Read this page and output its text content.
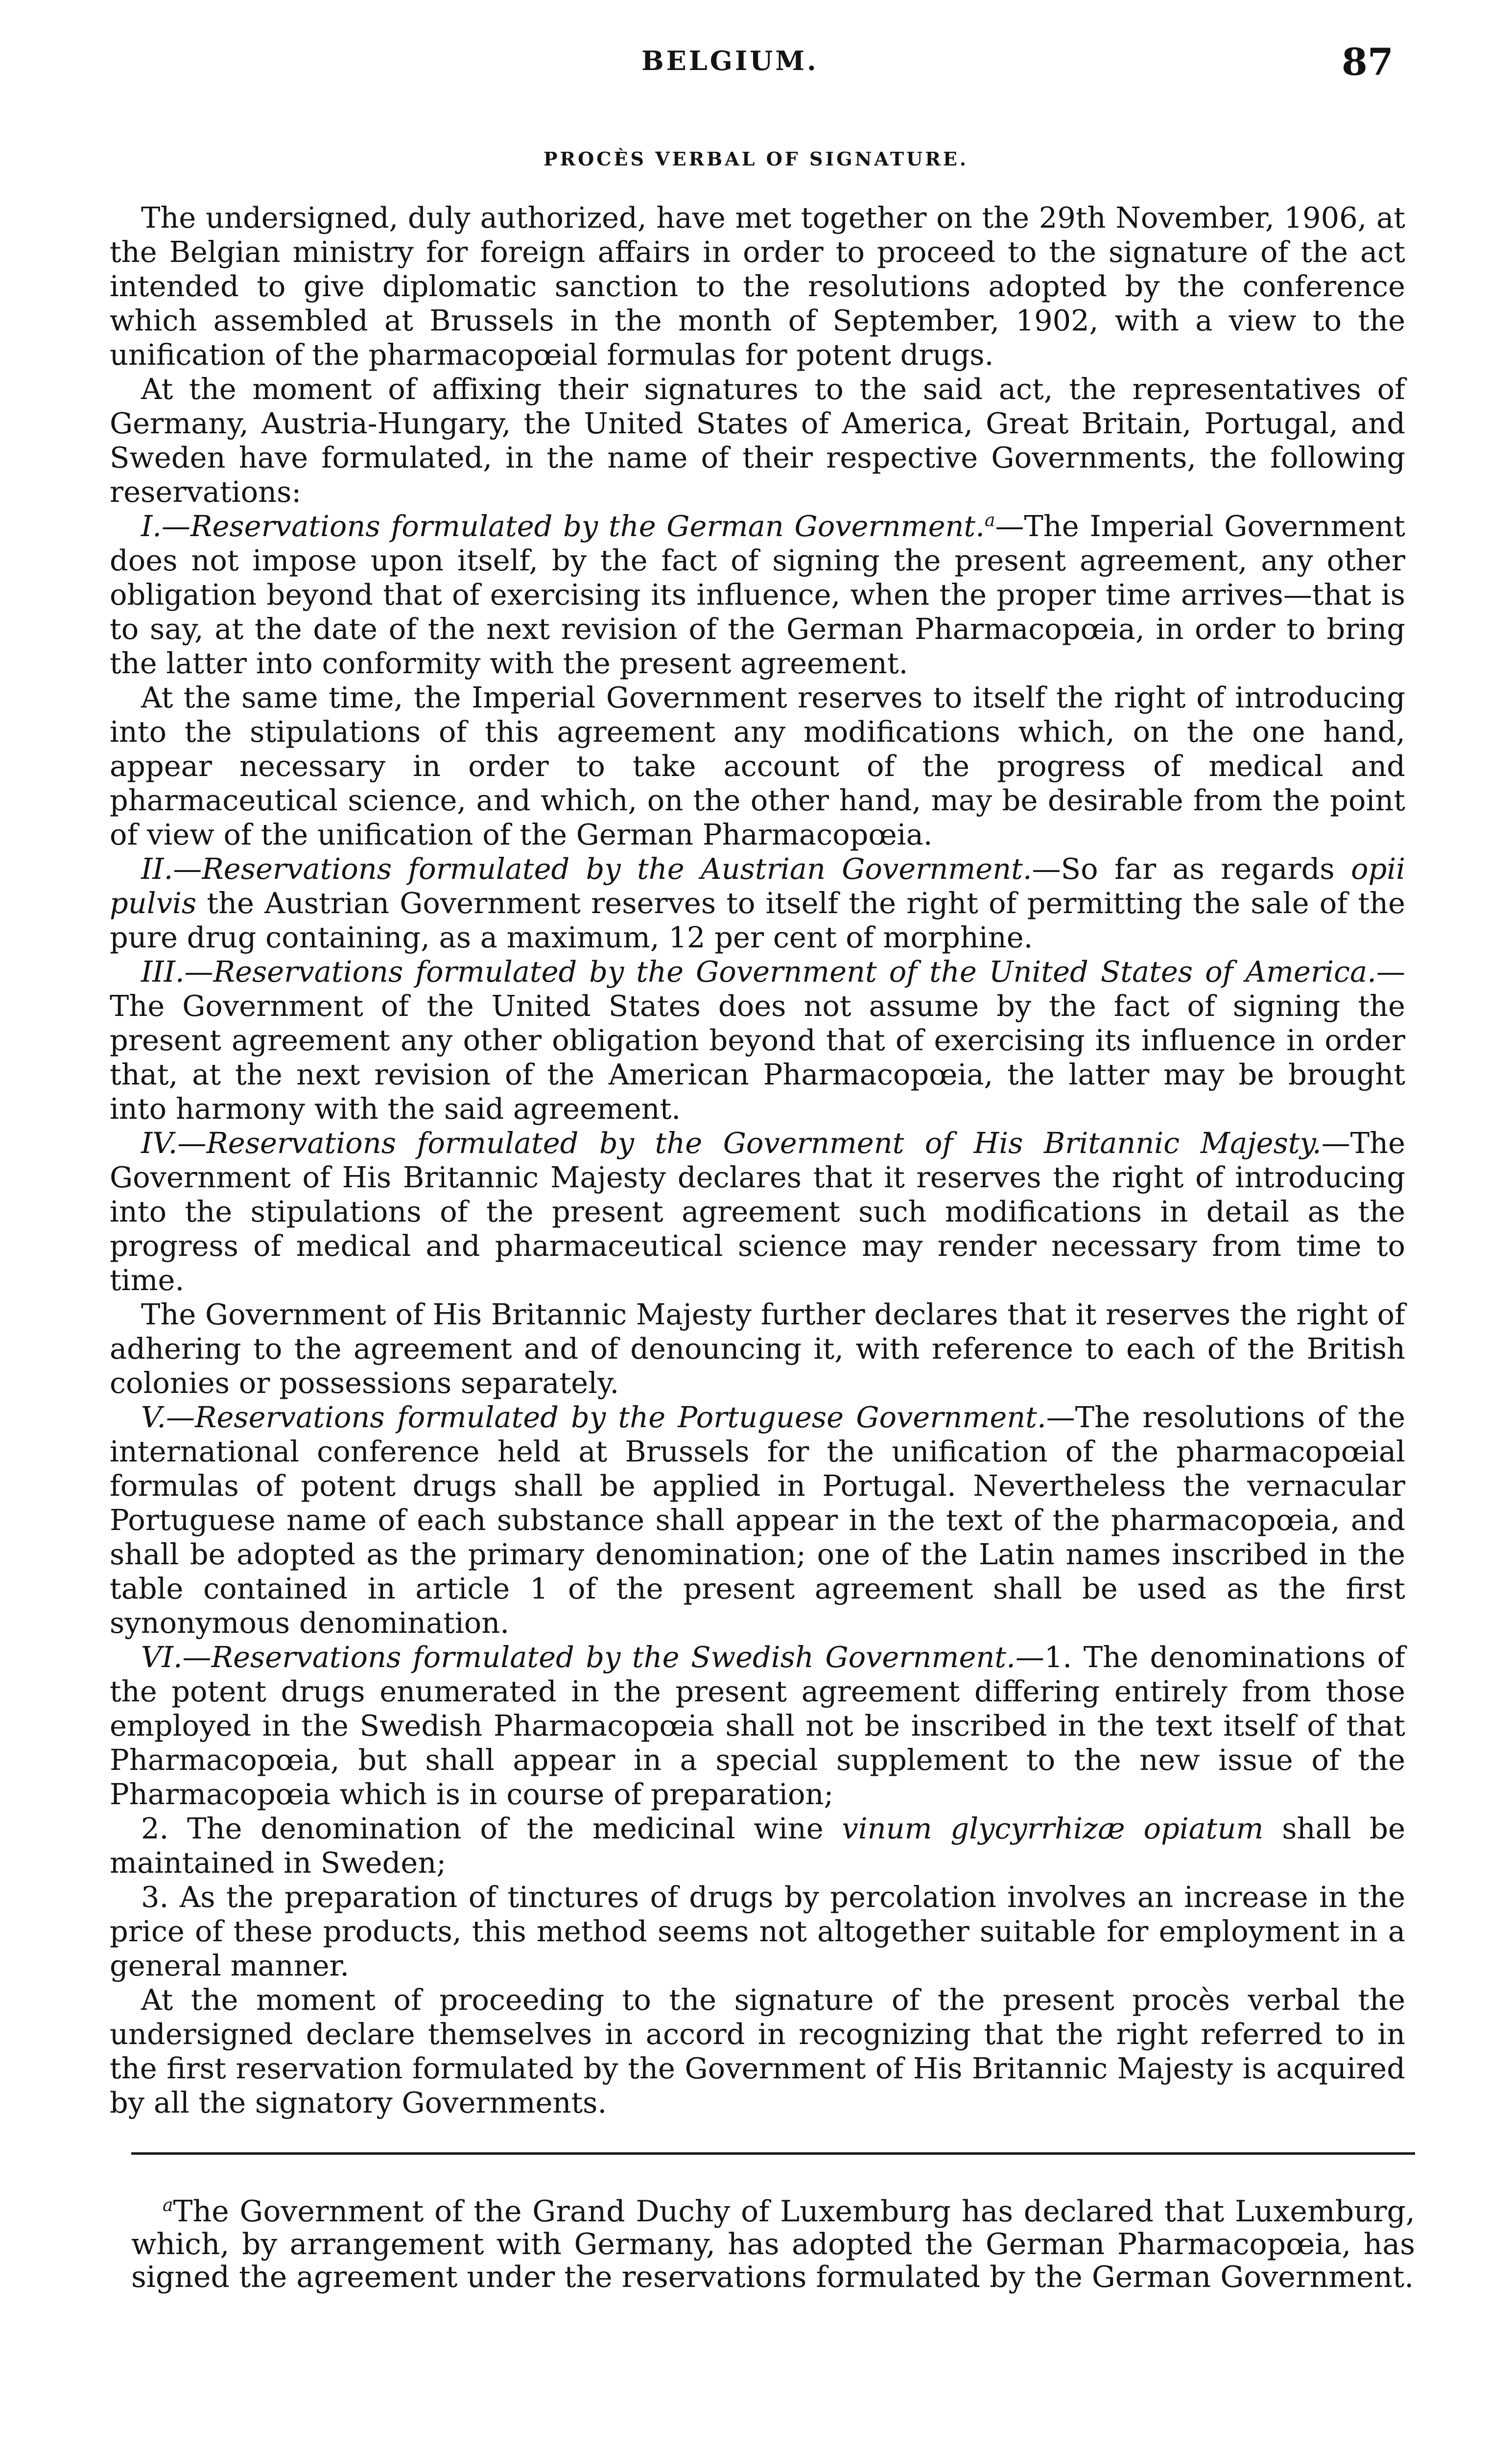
BELGIUM.	87
PROCÈS VERBAL OF SIGNATURE.

The undersigned, duly authorized, have met together on the 29th November, 1906, at the Belgian ministry for foreign affairs in order to proceed to the signature of the act intended to give diplomatic sanction to the resolutions adopted by the conference which assembled at Brussels in the month of September, 1902, with a view to the unification of the pharmacopœial formulas for potent drugs.

At the moment of affixing their signatures to the said act, the representatives of Germany, Austria-Hungary, the United States of America, Great Britain, Portugal, and Sweden have formulated, in the name of their respective Governments, the following reservations:

I.—Reservations formulated by the German Government.$^a$—The Imperial Government does not impose upon itself, by the fact of signing the present agreement, any other obligation beyond that of exercising its influence, when the proper time arrives—that is to say, at the date of the next revision of the German Pharmacopœia, in order to bring the latter into conformity with the present agreement.

At the same time, the Imperial Government reserves to itself the right of introducing into the stipulations of this agreement any modifications which, on the one hand, appear necessary in order to take account of the progress of medical and pharmaceutical science, and which, on the other hand, may be desirable from the point of view of the unification of the German Pharmacopœia.

II.—Reservations formulated by the Austrian Government.—So far as regards opii pulvis the Austrian Government reserves to itself the right of permitting the sale of the pure drug containing, as a maximum, 12 per cent of morphine.

III.—Reservations formulated by the Government of the United States of America.—The Government of the United States does not assume by the fact of signing the present agreement any other obligation beyond that of exercising its influence in order that, at the next revision of the American Pharmacopœia, the latter may be brought into harmony with the said agreement.

IV.—Reservations formulated by the Government of His Britannic Majesty.—The Government of His Britannic Majesty declares that it reserves the right of introducing into the stipulations of the present agreement such modifications in detail as the progress of medical and pharmaceutical science may render necessary from time to time.

The Government of His Britannic Majesty further declares that it reserves the right of adhering to the agreement and of denouncing it, with reference to each of the British colonies or possessions separately.

V.—Reservations formulated by the Portuguese Government.—The resolutions of the international conference held at Brussels for the unification of the pharmacopœial formulas of potent drugs shall be applied in Portugal. Nevertheless the vernacular Portuguese name of each substance shall appear in the text of the pharmacopœia, and shall be adopted as the primary denomination; one of the Latin names inscribed in the table contained in article 1 of the present agreement shall be used as the first synonymous denomination.

VI.—Reservations formulated by the Swedish Government.—1. The denominations of the potent drugs enumerated in the present agreement differing entirely from those employed in the Swedish Pharmacopœia shall not be inscribed in the text itself of that Pharmacopœia, but shall appear in a special supplement to the new issue of the Pharmacopœia which is in course of preparation;

2. The denomination of the medicinal wine vinum glycyrrhizæ opiatum shall be maintained in Sweden;

3. As the preparation of tinctures of drugs by percolation involves an increase in the price of these products, this method seems not altogether suitable for employment in a general manner.

At the moment of proceeding to the signature of the present procès verbal the undersigned declare themselves in accord in recognizing that the right referred to in the first reservation formulated by the Government of His Britannic Majesty is acquired by all the signatory Governments.

$^a$The Government of the Grand Duchy of Luxemburg has declared that Luxemburg, which, by arrangement with Germany, has adopted the German Pharmacopœia, has signed the agreement under the reservations formulated by the German Government.
